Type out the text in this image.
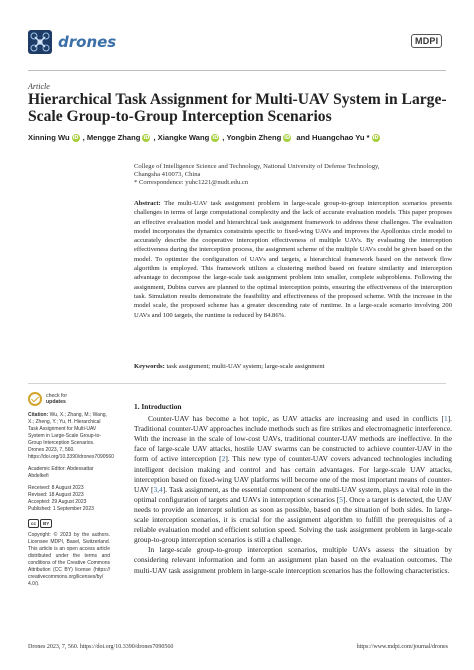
drones	MDPI
Article
Hierarchical Task Assignment for Multi-UAV System in Large-Scale Group-to-Group Interception Scenarios
Xinning Wu iD , Mengge Zhang iD , Xiangke Wang iD , Yongbin Zheng iD and Huangchao Yu * iD
College of Intelligence Science and Technology, National University of Defense Technology,
Changsha 410073, China
* Correspondence: yuhc1221@nudt.edu.cn
Abstract: The multi-UAV task assignment problem in large-scale group-to-group interception scenarios presents challenges in terms of large computational complexity and the lack of accurate evaluation models. This paper proposes an effective evaluation model and hierarchical task assignment framework to address these challenges. The evaluation model incorporates the dynamics constraints specific to fixed-wing UAVs and improves the Apollonius circle model to accurately describe the cooperative interception effectiveness of multiple UAVs. By evaluating the interception effectiveness during the interception process, the assignment scheme of the multiple UAVs could be given based on the model. To optimize the configuration of UAVs and targets, a hierarchical framework based on the network flow algorithm is employed. This framework utilizes a clustering method based on feature similarity and interception advantage to decompose the large-scale task assignment problem into smaller, complete subproblems. Following the assignment, Dubins curves are planned to the optimal interception points, ensuring the effectiveness of the interception task. Simulation results demonstrate the feasibility and effectiveness of the proposed scheme. With the increase in the model scale, the proposed scheme has a greater descending rate of runtime. In a large-scale scenario involving 200 UAVs and 100 targets, the runtime is reduced by 84.86%.
Keywords: task assignment; multi-UAV system; large-scale assignment
check for
updates
Citation: Wu, X.; Zhang, M.; Wang, X.; Zheng, Y.; Yu, H. Hierarchical Task Assignment for Multi-UAV System in Large-Scale Group-to-Group Interception Scenarios. Drones 2023, 7, 560. https://doi.org/10.3390/drones7090560
Academic Editor: Abdessattar Abdelkefi
Received: 8 August 2023
Revised: 18 August 2023
Accepted: 29 August 2023
Published: 1 September 2023
cc	BY
Copyright: © 2023 by the authors. Licensee MDPI, Basel, Switzerland. This article is an open access article distributed under the terms and conditions of the Creative Commons Attribution (CC BY) license (https:// creativecommons.org/licenses/by/ 4.0/).
1. Introduction
Counter-UAV has become a hot topic, as UAV attacks are increasing and used in conflicts [1]. Traditional counter-UAV approaches include methods such as fire strikes and electromagnetic interference. With the increase in the scale of low-cost UAVs, traditional counter-UAV methods are ineffective. In the face of large-scale UAV attacks, hostile UAV swarms can be constructed to achieve counter-UAV in the form of active interception [2]. This new type of counter-UAV covers advanced technologies including intelligent decision making and control and has certain advantages. For large-scale UAV attacks, interception based on fixed-wing UAV platforms will become one of the most important means of counter-UAV [3,4]. Task assignment, as the essential component of the multi-UAV system, plays a vital role in the optimal configuration of targets and UAVs in interception scenarios [5]. Once a target is detected, the UAV needs to provide an intercept solution as soon as possible, based on the situation of both sides. In large-scale interception scenarios, it is crucial for the assignment algorithm to fulfill the prerequisites of a reliable evaluation model and efficient solution speed. Solving the task assignment problem in large-scale group-to-group interception scenarios is still a challenge.
In large-scale group-to-group interception scenarios, multiple UAVs assess the situation by considering relevant information and form an assignment plan based on the evaluation outcomes. The multi-UAV task assignment problem in large-scale interception scenarios has the following characteristics.
Drones 2023, 7, 560. https://doi.org/10.3390/drones7090560	https://www.mdpi.com/journal/drones
